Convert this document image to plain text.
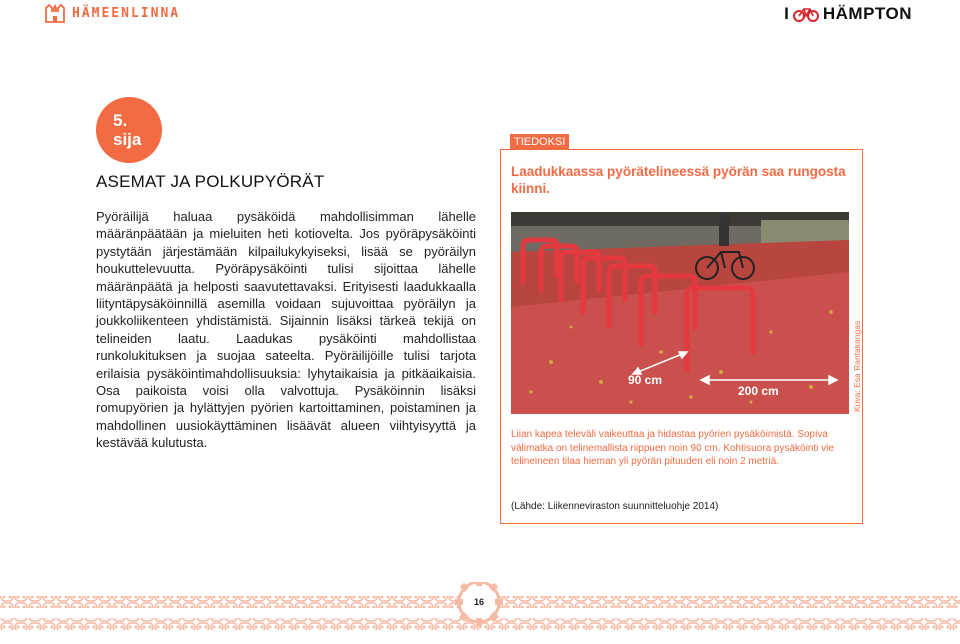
HÄMEENLINNA	I HÄMPTON
5.
sija
ASEMAT JA POLKUPYÖRÄT

Pyöräilijä haluaa pysäköidä mahdollisimman lähelle määränpäätään ja mieluiten heti kotiovelta. Jos pyöräpysäköinti pystytään järjestämään kilpailukykyiseksi, lisää se pyöräilyn houkuttelevuutta. Pyöräpysäköinti tulisi sijoittaa lähelle määränpäätä ja helposti saavutettavaksi. Erityisesti laadukkaalla liityntäpysäköinnillä asemilla voidaan sujuvoittaa pyöräilyn ja joukkoliikenteen yhdistämistä. Sijainnin lisäksi tärkeä tekijä on telineiden laatu. Laadukas pysäköinti mahdollistaa runkolukituksen ja suojaa sateelta. Pyöräilijöille tulisi tarjota erilaisia pysäköintimahdollisuuksia: lyhytaikaisia ja pitkäaikaisia. Osa paikoista voisi olla valvottuja. Pysäköinnin lisäksi romupyörien ja hylättyjen pyörien kartoittaminen, poistaminen ja mahdollinen uusiokäyttäminen lisäävät alueen viihtyisyyttä ja kestävää kulutusta.

TIEDOKSI
Laadukkaassa pyörätelineessä pyörän saa rungosta kiinni.
90 cm
200 cm	Kuva: Esa Rantakangas
Liian kapea televäli vaikeuttaa ja hidastaa pyörien pysäköimistä. Sopiva välimatka on telinemallista riippuen noin 90 cm. Kohtisuora pysäköinti vie telineineen tilaa hieman yli pyörän pituuden eli noin 2 metriä.
(Lähde: Liikenneviraston suunnitteluohje 2014)
16
